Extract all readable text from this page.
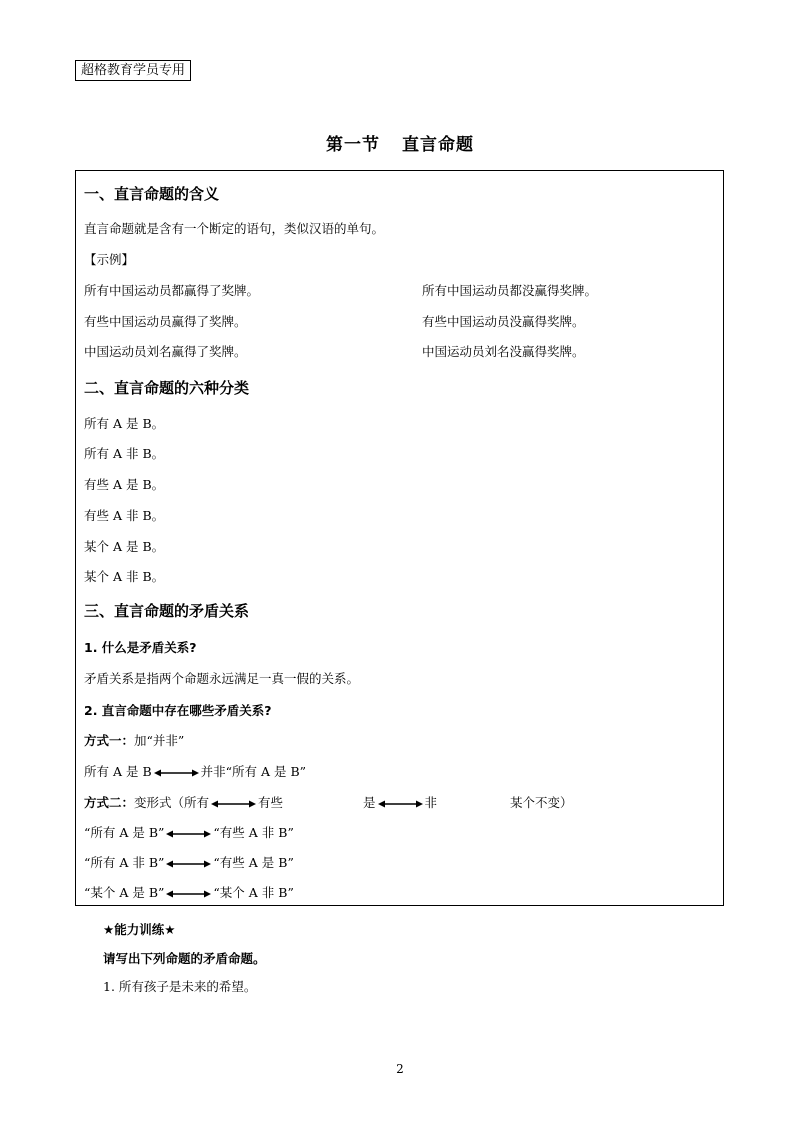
超格教育学员专用
第一节 直言命题
一、直言命题的含义
直言命题就是含有一个断定的语句，类似汉语的单句。
【示例】
所有中国运动员都赢得了奖牌。	所有中国运动员都没赢得奖牌。
有些中国运动员赢得了奖牌。	有些中国运动员没赢得奖牌。
中国运动员刘名赢得了奖牌。	中国运动员刘名没赢得奖牌。
二、直言命题的六种分类
所有 A 是 B。
所有 A 非 B。
有些 A 是 B。
有些 A 非 B。
某个 A 是 B。
某个 A 非 B。
三、直言命题的矛盾关系
1. 什么是矛盾关系?
矛盾关系是指两个命题永远满足一真一假的关系。
2. 直言命题中存在哪些矛盾关系?
方式一：加“并非”
所有 A 是 B	并非“所有 A 是 B”
方式二：变形式（所有	有些	是	非	某个不变）
“所有 A 是 B”	“有些 A 非 B”
“所有 A 非 B”	“有些 A 是 B”
“某个 A 是 B”	“某个 A 非 B”
★能力训练★
请写出下列命题的矛盾命题。
1. 所有孩子是未来的希望。
2
